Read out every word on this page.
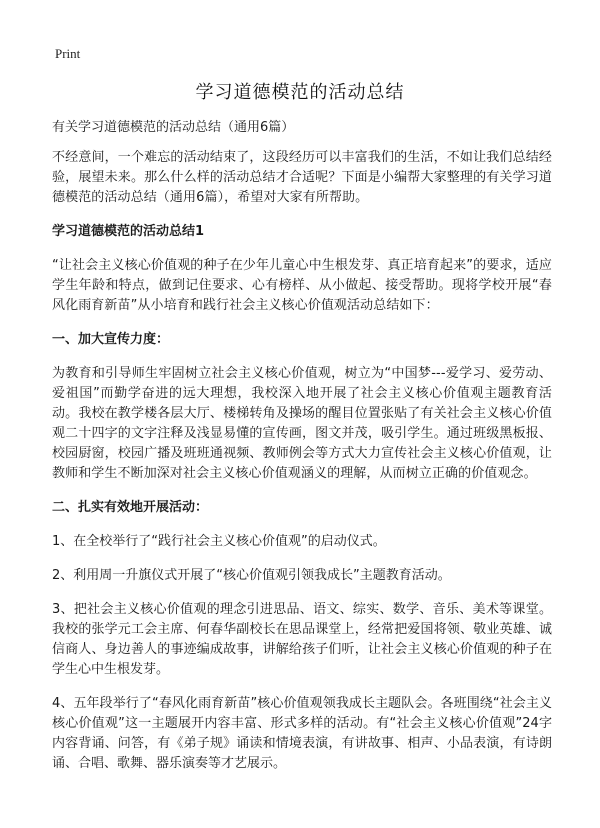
Print
学习道德模范的活动总结
有关学习道德模范的活动总结（通用6篇）

不经意间，一个难忘的活动结束了，这段经历可以丰富我们的生活，不如让我们总结经验，展望未来。那么什么样的活动总结才合适呢？下面是小编帮大家整理的有关学习道德模范的活动总结（通用6篇），希望对大家有所帮助。

学习道德模范的活动总结1

“让社会主义核心价值观的种子在少年儿童心中生根发芽、真正培育起来”的要求，适应学生年龄和特点，做到记住要求、心有榜样、从小做起、接受帮助。现将学校开展“春风化雨育新苗”从小培育和践行社会主义核心价值观活动总结如下：

一、加大宣传力度：

为教育和引导师生牢固树立社会主义核心价值观，树立为“中国梦---爱学习、爱劳动、爱祖国”而勤学奋进的远大理想，我校深入地开展了社会主义核心价值观主题教育活动。我校在教学楼各层大厅、楼梯转角及操场的醒目位置张贴了有关社会主义核心价值观二十四字的文字注释及浅显易懂的宣传画，图文并茂，吸引学生。通过班级黑板报、校园厨窗，校园广播及班班通视频、教师例会等方式大力宣传社会主义核心价值观，让教师和学生不断加深对社会主义核心价值观涵义的理解，从而树立正确的价值观念。

二、扎实有效地开展活动：
1、在全校举行了“践行社会主义核心价值观”的启动仪式。
2、利用周一升旗仪式开展了“核心价值观引领我成长”主题教育活动。
3、把社会主义核心价值观的理念引进思品、语文、综实、数学、音乐、美术等课堂。我校的张学元工会主席、何春华副校长在思品课堂上，经常把爱国将领、敬业英雄、诚信商人、身边善人的事迹编成故事，讲解给孩子们听，让社会主义核心价值观的种子在学生心中生根发芽。
4、五年段举行了“春风化雨育新苗”核心价值观领我成长主题队会。各班围绕“社会主义核心价值观”这一主题展开内容丰富、形式多样的活动。有“社会主义核心价值观”24字内容背诵、问答，有《弟子规》诵读和情境表演，有讲故事、相声、小品表演，有诗朗诵、合唱、歌舞、器乐演奏等才艺展示。
